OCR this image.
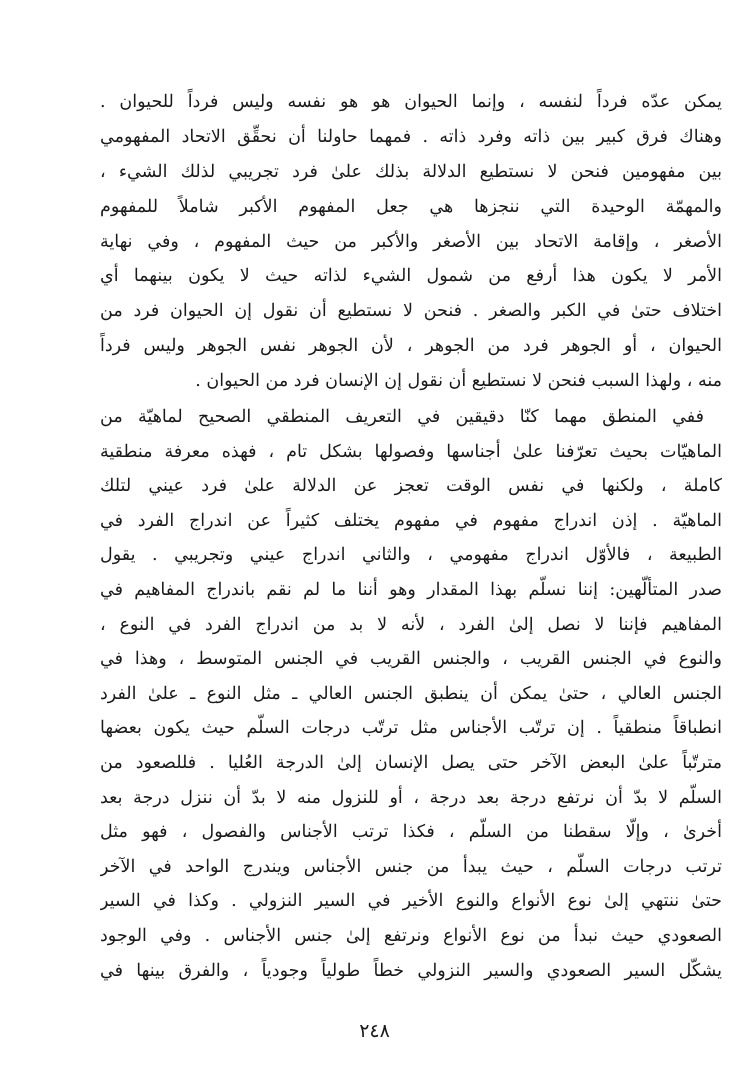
يمكن عدّه فرداً لنفسه ، وإنما الحيوان هو هو نفسه وليس فرداً للحيوان .
وهناك فرق كبير بين ذاته وفرد ذاته . فمهما حاولنا أن نحقِّق الاتحاد المفهومي
بين مفهومين فنحن لا نستطيع الدلالة بذلك علىٰ فرد تجريبي لذلك الشيء ،
والمهمّة الوحيدة التي ننجزها هي جعل المفهوم الأكبر شاملاً للمفهوم
الأصغر ، وإقامة الاتحاد بين الأصغر والأكبر من حيث المفهوم ، وفي نهاية
الأمر لا يكون هذا أرفع من شمول الشيء لذاته حيث لا يكون بينهما أي
اختلاف حتىٰ في الكبر والصغر . فنحن لا نستطيع أن نقول إن الحيوان فرد من
الحيوان ، أو الجوهر فرد من الجوهر ، لأن الجوهر نفس الجوهر وليس فرداً
منه ، ولهذا السبب فنحن لا نستطيع أن نقول إن الإنسان فرد من الحيوان .
ففي المنطق مهما كنّا دقيقين في التعريف المنطقي الصحيح لماهيّة من
الماهيّات بحيث تعرّفنا علىٰ أجناسها وفصولها بشكل تام ، فهذه معرفة منطقية
كاملة ، ولكنها في نفس الوقت تعجز عن الدلالة علىٰ فرد عيني لتلك
الماهيّة . إذن اندراج مفهوم في مفهوم يختلف كثيراً عن اندراج الفرد في
الطبيعة ، فالأوّل اندراج مفهومي ، والثاني اندراج عيني وتجريبي . يقول
صدر المتألّهين: إننا نسلّم بهذا المقدار وهو أننا ما لم نقم باندراج المفاهيم في
المفاهيم فإننا لا نصل إلىٰ الفرد ، لأنه لا بد من اندراج الفرد في النوع ،
والنوع في الجنس القريب ، والجنس القريب في الجنس المتوسط ، وهذا في
الجنس العالي ، حتىٰ يمكن أن ينطبق الجنس العالي ـ مثل النوع ـ علىٰ الفرد
انطباقاً منطقياً . إن ترتّب الأجناس مثل ترتّب درجات السلّم حيث يكون بعضها
مترتّباً علىٰ البعض الآخر حتى يصل الإنسان إلىٰ الدرجة العُليا . فللصعود من
السلّم لا بدّ أن نرتفع درجة بعد درجة ، أو للنزول منه لا بدّ أن ننزل درجة بعد
أخرىٰ ، وإلّا سقطنا من السلّم ، فكذا ترتب الأجناس والفصول ، فهو مثل
ترتب درجات السلّم ، حيث يبدأ من جنس الأجناس ويندرج الواحد في الآخر
حتىٰ ننتهي إلىٰ نوع الأنواع والنوع الأخير في السير النزولي . وكذا في السير
الصعودي حيث نبدأ من نوع الأنواع ونرتفع إلىٰ جنس الأجناس . وفي الوجود
يشكّل السير الصعودي والسير النزولي خطاً طولياً وجودياً ، والفرق بينها في
٢٤٨
